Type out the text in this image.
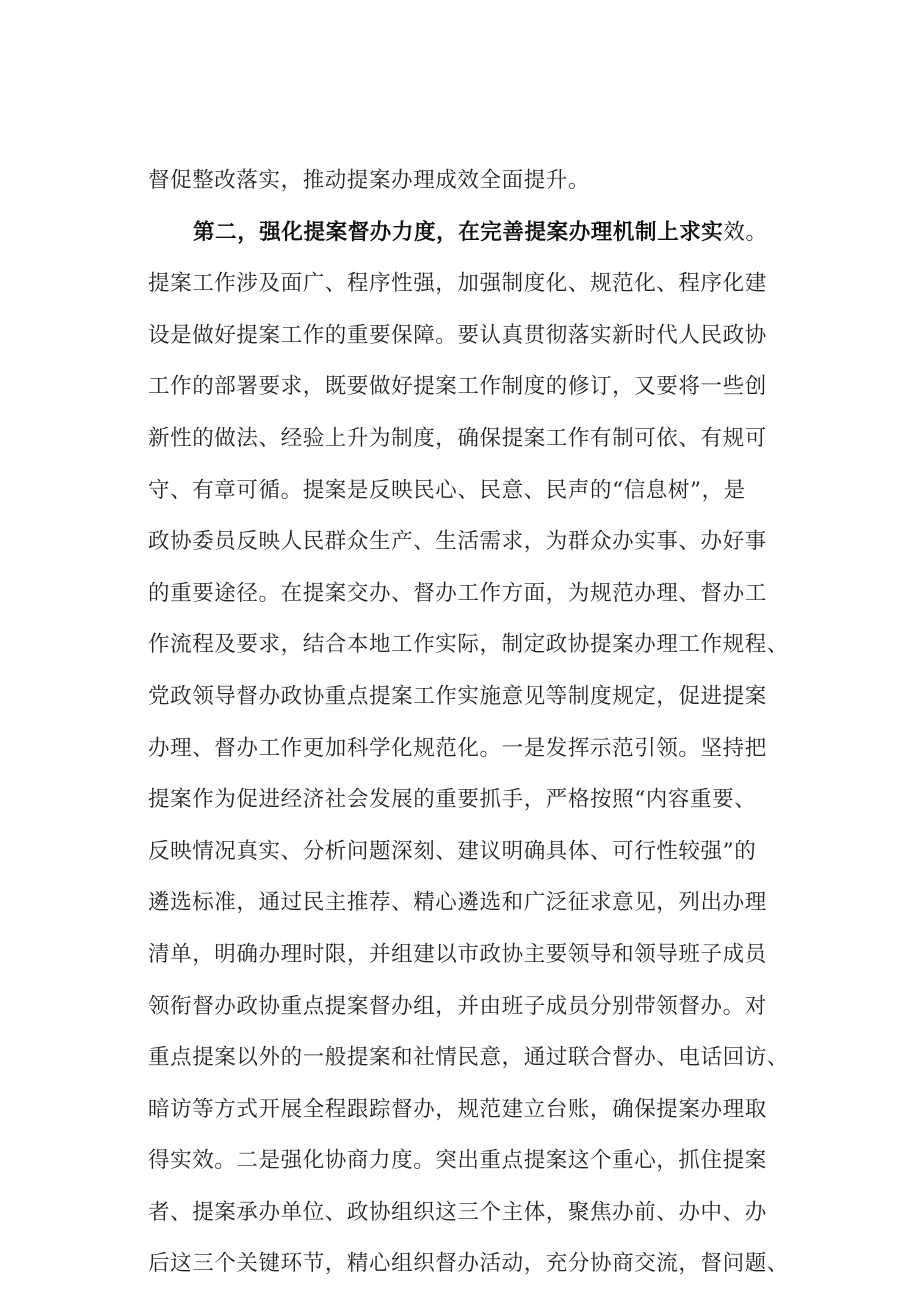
督促整改落实，推动提案办理成效全面提升。
第二，强化提案督办力度，在完善提案办理机制上求实效。
提案工作涉及面广、程序性强，加强制度化、规范化、程序化建
设是做好提案工作的重要保障。要认真贯彻落实新时代人民政协
工作的部署要求，既要做好提案工作制度的修订，又要将一些创
新性的做法、经验上升为制度，确保提案工作有制可依、有规可
守、有章可循。提案是反映民心、民意、民声的“信息树”，是
政协委员反映人民群众生产、生活需求，为群众办实事、办好事
的重要途径。在提案交办、督办工作方面，为规范办理、督办工
作流程及要求，结合本地工作实际，制定政协提案办理工作规程、
党政领导督办政协重点提案工作实施意见等制度规定，促进提案
办理、督办工作更加科学化规范化。一是发挥示范引领。坚持把
提案作为促进经济社会发展的重要抓手，严格按照“内容重要、
反映情况真实、分析问题深刻、建议明确具体、可行性较强”的
遴选标准，通过民主推荐、精心遴选和广泛征求意见，列出办理
清单，明确办理时限，并组建以市政协主要领导和领导班子成员
领衔督办政协重点提案督办组，并由班子成员分别带领督办。对
重点提案以外的一般提案和社情民意，通过联合督办、电话回访、
暗访等方式开展全程跟踪督办，规范建立台账，确保提案办理取
得实效。二是强化协商力度。突出重点提案这个重心，抓住提案
者、提案承办单位、政协组织这三个主体，聚焦办前、办中、办
后这三个关键环节，精心组织督办活动，充分协商交流，督问题、
